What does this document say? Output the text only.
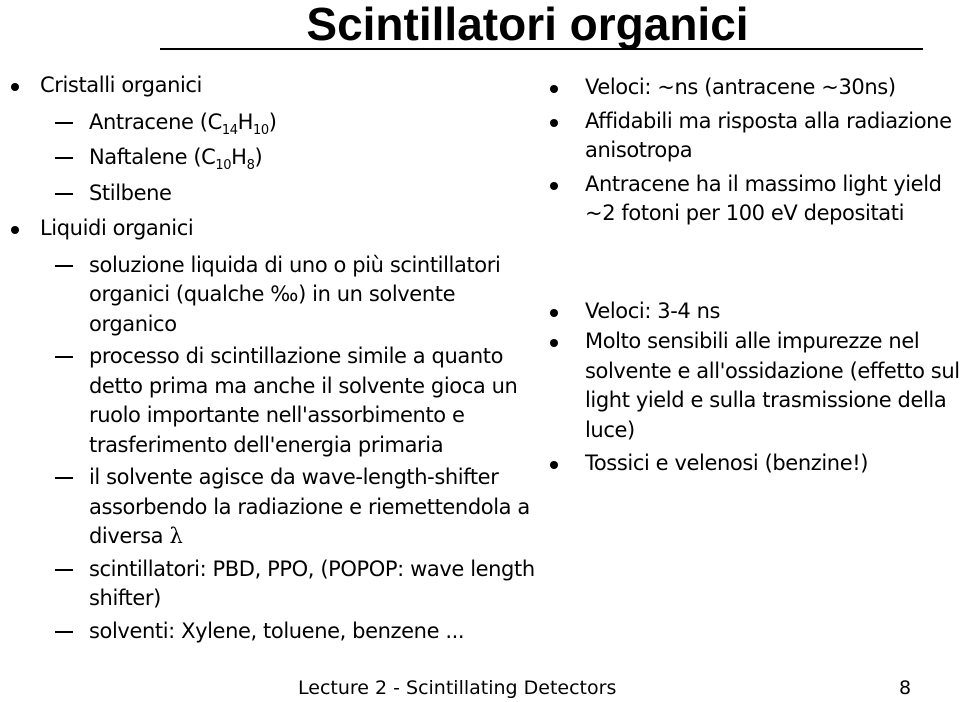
Scintillatori organici

Cristalli organici

Antracene $(C_{14}H_{10})$

Naftalene $(C_{10}H_8)$

Stilbene

Liquidi organici

soluzione liquida di uno o più scintillatori organici (qualche ‰) in un solvente organico

processo di scintillazione simile a quanto detto prima ma anche il solvente gioca un ruolo importante nell'assorbimento e trasferimento dell'energia primaria

il solvente agisce da wave-length-shifter assorbendo la radiazione e riemettendola a diversa λ

scintillatori: PBD, PPO, (POPOP: wave length shifter)

solventi: Xylene, toluene, benzene ...

Veloci: ~ns (antracene ~30ns)

Affidabili ma risposta alla radiazione anisotropa

Antracene ha il massimo light yield ~2 fotoni per 100 eV depositati

Veloci: 3-4 ns

Molto sensibili alle impurezze nel solvente e all'ossidazione (effetto sul light yield e sulla trasmissione della luce)

Tossici e velenosi (benzine!)

Lecture 2 - Scintillating Detectors	8
